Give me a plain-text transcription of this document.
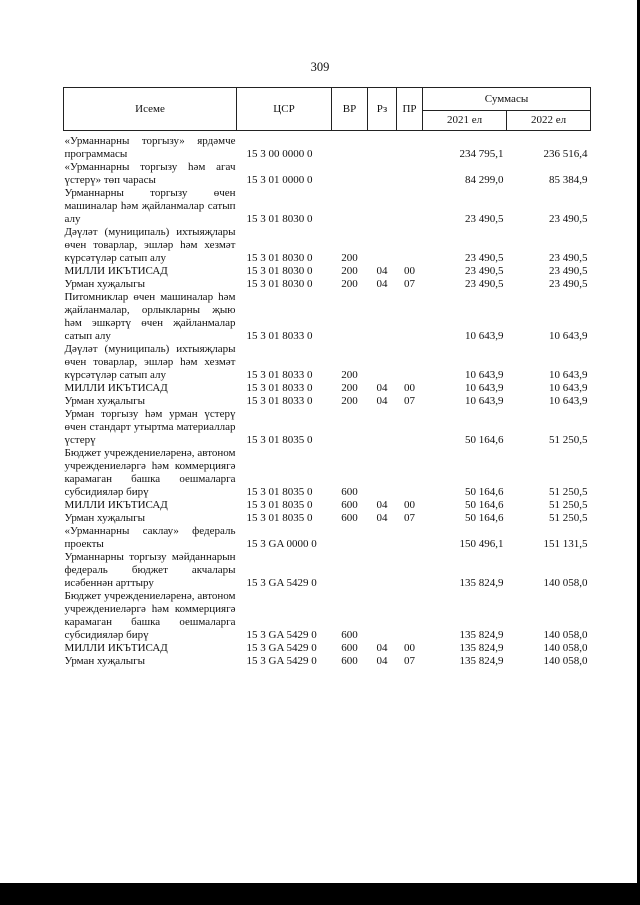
309
Исеме	ЦСР	ВР	Рз	ПР	Суммасы	
					2021 ел	2022 ел

«Урманнарны торгызу» ярдәмче программасы	15 3 00 0000 0				234 795,1	236 516,4
«Урманнарны торгызу һәм агач үстерү» төп чарасы	15 3 01 0000 0				84 299,0	85 384,9
Урманнарны торгызу өчен машиналар һәм җайланмалар сатып алу	15 3 01 8030 0				23 490,5	23 490,5
Дәүләт (муниципаль) ихтыяҗлары өчен товарлар, эшләр һәм хезмәт күрсәтүләр сатып алу	15 3 01 8030 0	200			23 490,5	23 490,5
МИЛЛИ ИКЪТИСАД	15 3 01 8030 0	200	04	00	23 490,5	23 490,5
Урман хуҗалыгы	15 3 01 8030 0	200	04	07	23 490,5	23 490,5
Питомниклар өчен машиналар һәм җайланмалар, орлыкларны җыю һәм эшкәртү өчен җайланмалар сатып алу	15 3 01 8033 0				10 643,9	10 643,9
Дәүләт (муниципаль) ихтыяҗлары өчен товарлар, эшләр һәм хезмәт күрсәтүләр сатып алу	15 3 01 8033 0	200			10 643,9	10 643,9
МИЛЛИ ИКЪТИСАД	15 3 01 8033 0	200	04	00	10 643,9	10 643,9
Урман хуҗалыгы	15 3 01 8033 0	200	04	07	10 643,9	10 643,9
Урман торгызу һәм урман үстерү өчен стандарт утыртма материаллар үстерү	15 3 01 8035 0				50 164,6	51 250,5
Бюджет учреждениеләренә, автоном учреждениеләргә һәм коммерциягә карамаган башка оешмаларга субсидияләр бирү	15 3 01 8035 0	600			50 164,6	51 250,5
МИЛЛИ ИКЪТИСАД	15 3 01 8035 0	600	04	00	50 164,6	51 250,5
Урман хуҗалыгы	15 3 01 8035 0	600	04	07	50 164,6	51 250,5
«Урманнарны саклау» федераль проекты	15 3 GA 0000 0				150 496,1	151 131,5
Урманнарны торгызу мәйданнарын федераль бюджет акчалары исәбеннән арттыру	15 3 GA 5429 0				135 824,9	140 058,0
Бюджет учреждениеләренә, автоном учреждениеләргә һәм коммерциягә карамаган башка оешмаларга субсидияләр бирү	15 3 GA 5429 0	600			135 824,9	140 058,0
МИЛЛИ ИКЪТИСАД	15 3 GA 5429 0	600	04	00	135 824,9	140 058,0
Урман хуҗалыгы	15 3 GA 5429 0	600	04	07	135 824,9	140 058,0
